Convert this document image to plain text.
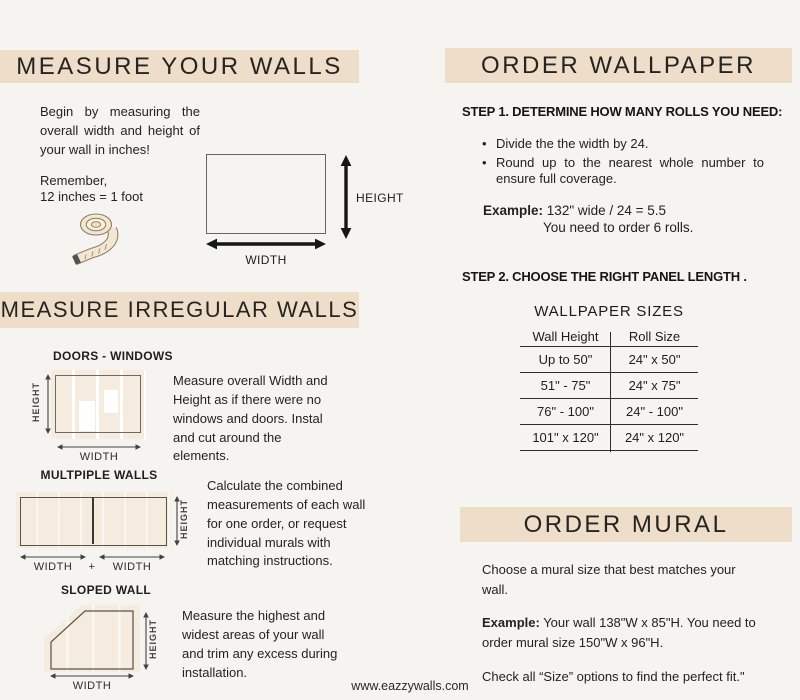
MEASURE YOUR WALLS
Begin by measuring the overall width and height of your wall in inches!
Remember,
12 inches = 1 foot	HEIGHT
WIDTH
MEASURE IRREGULAR WALLS
DOORS - WINDOWS
HEIGHT
WIDTH
Measure overall Width and Height as if there were no windows and doors. Instal and cut around the elements.
MULTPIPLE WALLS
HEIGHT
WIDTH	+	WIDTH
Calculate the combined measurements of each wall for one order, or request individual murals with matching instructions.
SLOPED WALL
HEIGHT
WIDTH
Measure the highest and widest areas of your wall and trim any excess during installation.
ORDER WALLPAPER
STEP 1. DETERMINE HOW MANY ROLLS YOU NEED:
• Divide the the width by 24.
• Round up to the nearest whole number to ensure full coverage.
Example: 132" wide / 24 = 5.5
You need to order 6 rolls.
STEP 2. CHOOSE THE RIGHT PANEL LENGTH .
WALLPAPER SIZES
Wall Height	Roll Size
Up to 50"	24" x 50"
51" - 75"	24" x 75"
76" - 100"	24" - 100"
101" x 120"	24" x 120"
ORDER MURAL

Choose a mural size that best matches your wall.

Example: Your wall 138"W x 85"H. You need to order mural size 150"W x 96"H.

Check all “Size” options to find the perfect fit."

www.eazzywalls.com
